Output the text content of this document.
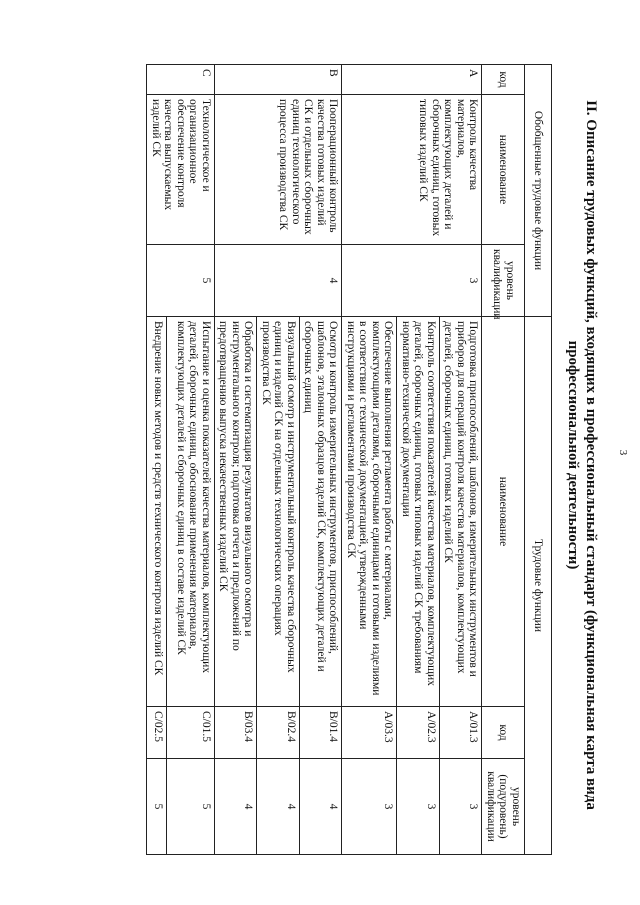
3
II. Описание трудовых функций, входящих в профессиональный стандарт (функциональная карта вида
профессиональной деятельности)
Обобщенные трудовые функции			Трудовые функции		
код	наименование	уровень квалификации	наименование	код	уровень (подуровень) квалификации
A	Контроль качества материалов, комплектующих деталей и сборочных единиц, готовых типовых изделий СК	3	Подготовка приспособлений, шаблонов, измерительных инструментов и приборов для операций контроля качества материалов, комплектующих деталей, сборочных единиц, готовых изделий СК	A/01.3	3
			Контроль соответствия показателей качества материалов, комплектующих деталей, сборочных единиц, готовых типовых изделий СК требованиям нормативно-технической документации	A/02.3	3
			Обеспечение выполнения регламента работы с материалами, комплектующими деталями, сборочными единицами и готовыми изделиями в соответствии с технической документацией, утвержденными инструкциями и регламентами производства СК	A/03.3	3
B	Пооперационный контроль качества готовых изделий СК и отдельных сборочных единиц технологического процесса производства СК	4	Осмотр и контроль измерительных инструментов, приспособлений, шаблонов, эталонных образцов изделий СК, комплектующих деталей и сборочных единиц	B/01.4	4
			Визуальный осмотр и инструментальный контроль качества сборочных единиц и изделий СК на отдельных технологических операциях производства СК	B/02.4	4
			Обработка и систематизация результатов визуального осмотра и инструментального контроля; подготовка отчета и предложений по предотвращению выпуска некачественных изделий СК	B/03.4	4
C	Технологическое и организационное обеспечение контроля качества выпускаемых изделий СК	5	Испытание и оценка показателей качества материалов, комплектующих деталей, сборочных единиц, обоснование применения материалов, комплектующих деталей и сборочных единиц в составе изделий СК	C/01.5	5
			Внедрение новых методов и средств технического контроля изделий СК	C/02.5	5
